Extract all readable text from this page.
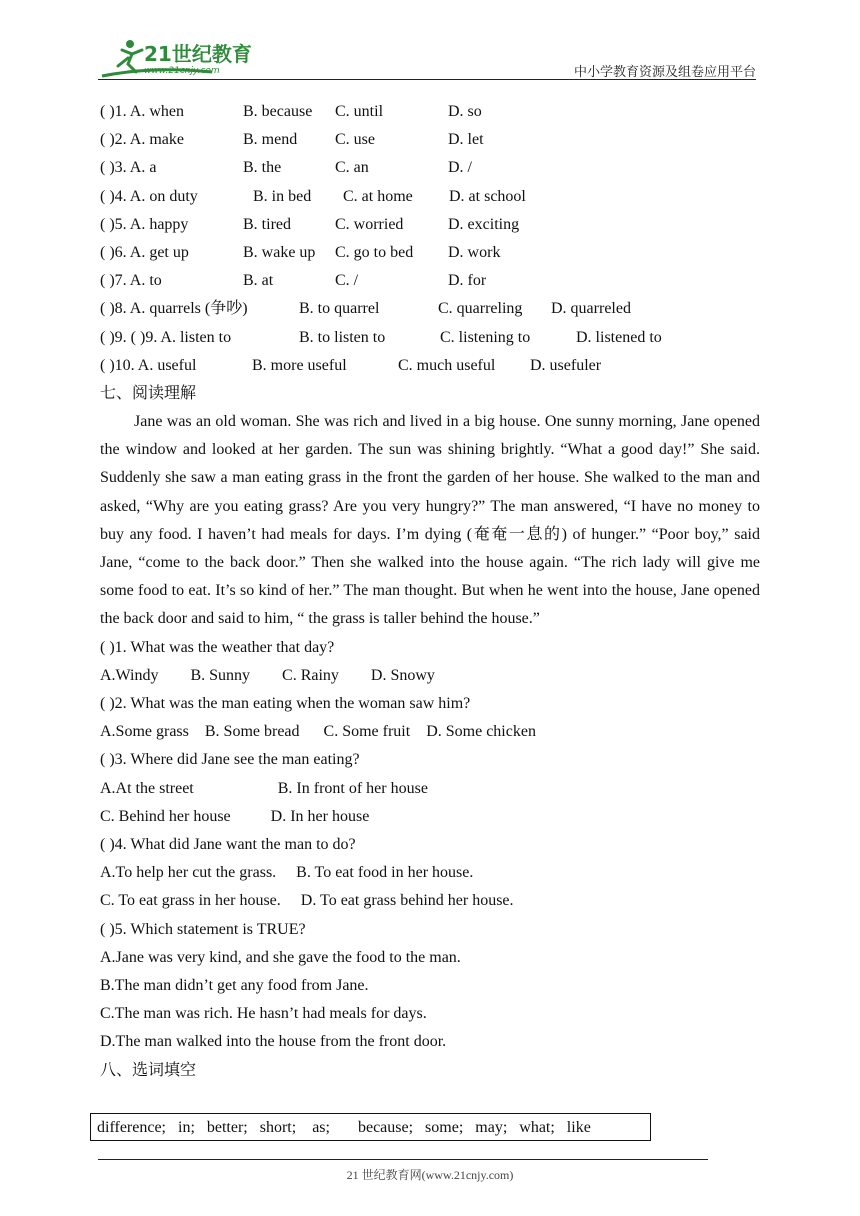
21世纪教育
www.21cnjy.com	中小学教育资源及组卷应用平台
( )1. A. when	B. because C. until	D. so
( )2. A. make	B. mend C. use	D. let
( )3. A. a	B. the	C. an	D. /
( )4. A. on duty	B. in bed C. at home D. at school
( )5. A. happy	B. tired	C. worried	D. exciting
( )6. A. get up	B. wake up C. go to bed D. work
( )7. A. to	B. at	C. /	D. for
( )8. A. quarrels (争吵)	B. to quarrel	C. quarreling D. quarreled
( )9. ( )9. A. listen to	B. to listen to	C. listening to	D. listened to
( )10. A. useful	B. more useful	C. much useful D. usefuler
七、阅读理解

Jane was an old woman. She was rich and lived in a big house. One sunny morning, Jane opened the window and looked at her garden. The sun was shining brightly. “What a good day!” She said. Suddenly she saw a man eating grass in the front the garden of her house. She walked to the man and asked, “Why are you eating grass? Are you very hungry?” The man answered, “I have no money to buy any food. I haven’t had meals for days. I’m dying (奄奄一息的) of hunger.” “Poor boy,” said Jane, “come to the back door.” Then she walked into the house again. “The rich lady will give me some food to eat. It’s so kind of her.” The man thought. But when he went into the house, Jane opened the back door and said to him, “ the grass is taller behind the house.”

( )1. What was the weather that day?
A.Windy        B. Sunny        C. Rainy        D. Snowy
( )2. What was the man eating when the woman saw him?
A.Some grass    B. Some bread      C. Some fruit    D. Some chicken
( )3. Where did Jane see the man eating?
A.At the street                     B. In front of her house
C. Behind her house          D. In her house
( )4. What did Jane want the man to do?
A.To help her cut the grass.     B. To eat food in her house.
C. To eat grass in her house.     D. To eat grass behind her house.
( )5. Which statement is TRUE?
A.Jane was very kind, and she gave the food to the man.
B.The man didn’t get any food from Jane.
C.The man was rich. He hasn’t had meals for days.
D.The man walked into the house from the front door.
八、选词填空
difference;   in;   better;   short;    as;       because;   some;   may;   what;   like
21 世纪教育网(www.21cnjy.com)
